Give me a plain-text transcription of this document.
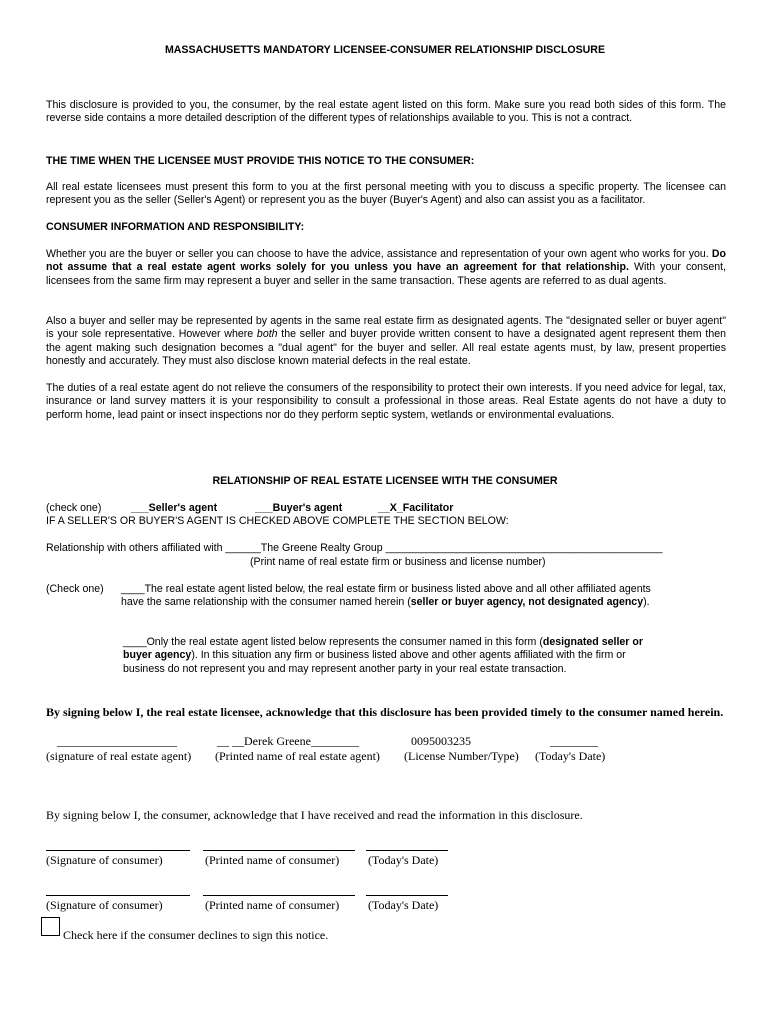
MASSACHUSETTS MANDATORY LICENSEE-CONSUMER RELATIONSHIP DISCLOSURE

This disclosure is provided to you, the consumer, by the real estate agent listed on this form. Make sure you read both sides of this form. The reverse side contains a more detailed description of the different types of relationships available to you. This is not a contract.

THE TIME WHEN THE LICENSEE MUST PROVIDE THIS NOTICE TO THE CONSUMER:

All real estate licensees must present this form to you at the first personal meeting with you to discuss a specific property. The licensee can represent you as the seller (Seller's Agent) or represent you as the buyer (Buyer's Agent) and also can assist you as a facilitator.

CONSUMER INFORMATION AND RESPONSIBILITY:

Whether you are the buyer or seller you can choose to have the advice, assistance and representation of your own agent who works for you. Do not assume that a real estate agent works solely for you unless you have an agreement for that relationship. With your consent, licensees from the same firm may represent a buyer and seller in the same transaction. These agents are referred to as dual agents.

Also a buyer and seller may be represented by agents in the same real estate firm as designated agents. The "designated seller or buyer agent" is your sole representative. However where both the seller and buyer provide written consent to have a designated agent represent them then the agent making such designation becomes a "dual agent" for the buyer and seller. All real estate agents must, by law, present properties honestly and accurately. They must also disclose known material defects in the real estate.

The duties of a real estate agent do not relieve the consumers of the responsibility to protect their own interests. If you need advice for legal, tax, insurance or land survey matters it is your responsibility to consult a professional in those areas. Real Estate agents do not have a duty to perform home, lead paint or insect inspections nor do they perform septic system, wetlands or environmental evaluations.

RELATIONSHIP OF REAL ESTATE LICENSEE WITH THE CONSUMER
(check one)	___Seller's agent	___Buyer's agent	__X_Facilitator
IF A SELLER'S OR BUYER'S AGENT IS CHECKED ABOVE COMPLETE THE SECTION BELOW:
Relationship with others affiliated with ______The Greene Realty Group _______________________________________________
(Print name of real estate firm or business and license number)
(Check one) ____The real estate agent listed below, the real estate firm or business listed above and all other affiliated agents have the same relationship with the consumer named herein (seller or buyer agency, not designated agency).
____Only the real estate agent listed below represents the consumer named in this form (designated seller or buyer agency). In this situation any firm or business listed above and other agents affiliated with the firm or business do not represent you and may represent another party in your real estate transaction.
By signing below I, the real estate licensee, acknowledge that this disclosure has been provided timely to the consumer named herein.
____________________	__ __Derek Greene________	0095003235	________
(signature of real estate agent) (Printed name of real estate agent) (License Number/Type) (Today's Date)
By signing below I, the consumer, acknowledge that I have received and read the information in this disclosure.
(Signature of consumer)	(Printed name of consumer) (Today's Date)
(Signature of consumer)	(Printed name of consumer) (Today's Date)
Check here if the consumer declines to sign this notice.
